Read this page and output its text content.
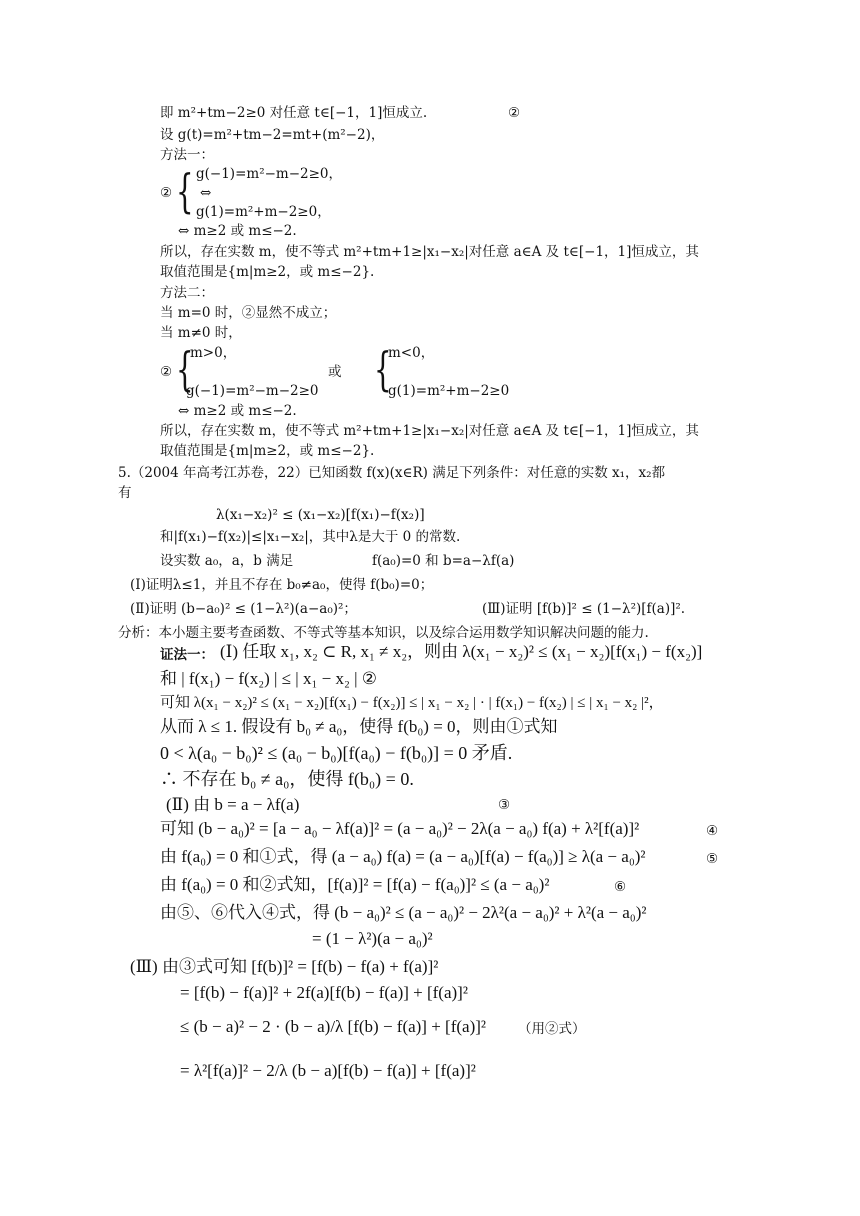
即 m²+tm−2≥0 对任意 t∈[−1，1]恒成立.	②
设 g(t)=m²+tm−2=mt+(m²−2)，
方法一：
② { g(−1)=m²−m−2≥0，
⇔
g(1)=m²+m−2≥0，
⇔ m≥2 或 m≤−2.
所以，存在实数 m，使不等式 m²+tm+1≥|x₁−x₂|对任意 a∈A 及 t∈[−1，1]恒成立，其
取值范围是{m|m≥2，或 m≤−2}.
方法二：
当 m=0 时，②显然不成立；
当 m≠0 时，
m>0，
② {
g(−1)=m²−m−2≥0
或
m<0，
{
g(1)=m²+m−2≥0
⇔ m≥2 或 m≤−2.
所以，存在实数 m，使不等式 m²+tm+1≥|x₁−x₂|对任意 a∈A 及 t∈[−1，1]恒成立，其
取值范围是{m|m≥2，或 m≤−2}.
5.（2004 年高考江苏卷，22）已知函数 f(x)(x∈R) 满足下列条件：对任意的实数 x₁，x₂都
有
λ(x₁−x₂)² ≤ (x₁−x₂)[f(x₁)−f(x₂)]
和|f(x₁)−f(x₂)|≤|x₁−x₂|，其中λ是大于 0 的常数.
设实数 a₀，a，b 满足	f(a₀)=0 和 b=a−λf(a)
(Ⅰ)证明λ≤1，并且不存在 b₀≠a₀，使得 f(b₀)=0；
(Ⅱ)证明 (b−a₀)² ≤ (1−λ²)(a−a₀)²；	(Ⅲ)证明 [f(b)]² ≤ (1−λ²)[f(a)]².
分析：本小题主要考查函数、不等式等基本知识，以及综合运用数学知识解决问题的能力.
证法一： (Ⅰ) 任取 x₁, x₂ ⊂ R, x₁ ≠ x₂，则由 λ(x₁ − x₂)² ≤ (x₁ − x₂)[f(x₁) − f(x₂)]
和 | f(x₁) − f(x₂) | ≤ | x₁ − x₂ | ②
可知 λ(x₁ − x₂)² ≤ (x₁ − x₂)[f(x₁) − f(x₂)] ≤ | x₁ − x₂ | · | f(x₁) − f(x₂) | ≤ | x₁ − x₂ |²，
从而 λ ≤ 1. 假设有 b₀ ≠ a₀，使得 f(b₀) = 0，则由①式知
0 < λ(a₀ − b₀)² ≤ (a₀ − b₀)[f(a₀) − f(b₀)] = 0 矛盾.
∴ 不存在 b₀ ≠ a₀，使得 f(b₀) = 0.
(Ⅱ) 由 b = a − λf(a)	③
可知 (b − a₀)² = [a − a₀ − λf(a)]² = (a − a₀)² − 2λ(a − a₀) f(a) + λ²[f(a)]²	④
由 f(a₀) = 0 和①式，得 (a − a₀) f(a) = (a − a₀)[f(a) − f(a₀)] ≥ λ(a − a₀)²	⑤
由 f(a₀) = 0 和②式知，[f(a)]² = [f(a) − f(a₀)]² ≤ (a − a₀)²	⑥
由⑤、⑥代入④式，得 (b − a₀)² ≤ (a − a₀)² − 2λ²(a − a₀)² + λ²(a − a₀)²
= (1 − λ²)(a − a₀)²
(Ⅲ) 由③式可知 [f(b)]² = [f(b) − f(a) + f(a)]²
= [f(b) − f(a)]² + 2f(a)[f(b) − f(a)] + [f(a)]²
≤ (b − a)² − 2 · (b − a)/λ [f(b) − f(a)] + [f(a)]² （用②式）
= λ²[f(a)]² − 2/λ (b − a)[f(b) − f(a)] + [f(a)]²
